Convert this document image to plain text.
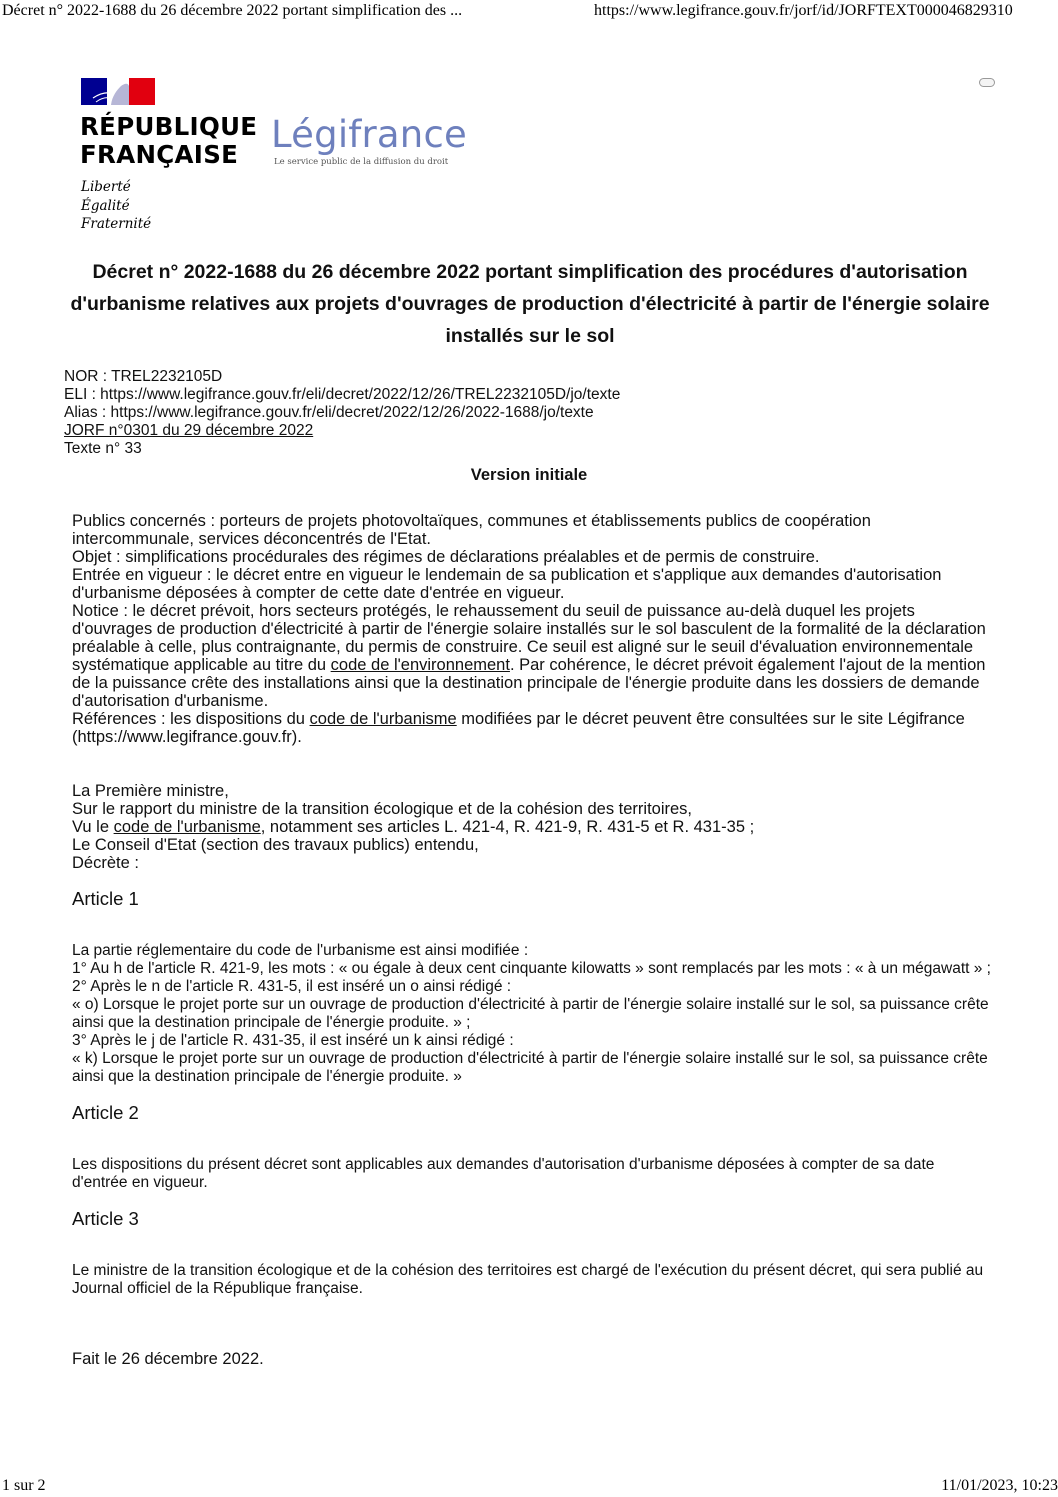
Décret n° 2022-1688 du 26 décembre 2022 portant simplification des ...	https://www.legifrance.gouv.fr/jorf/id/JORFTEXT000046829310
RÉPUBLIQUE
FRANÇAISE
Liberté
Égalité
Fraternité
Légifrance
Le service public de la diffusion du droit
Décret n° 2022-1688 du 26 décembre 2022 portant simplification des procédures d'autorisation d'urbanisme relatives aux projets d'ouvrages de production d'électricité à partir de l'énergie solaire installés sur le sol
NOR : TREL2232105D
ELI : https://www.legifrance.gouv.fr/eli/decret/2022/12/26/TREL2232105D/jo/texte
Alias : https://www.legifrance.gouv.fr/eli/decret/2022/12/26/2022-1688/jo/texte
JORF n°0301 du 29 décembre 2022
Texte n° 33
Version initiale

Publics concernés : porteurs de projets photovoltaïques, communes et établissements publics de coopération intercommunale, services déconcentrés de l'Etat.

Objet : simplifications procédurales des régimes de déclarations préalables et de permis de construire.

Entrée en vigueur : le décret entre en vigueur le lendemain de sa publication et s'applique aux demandes d'autorisation d'urbanisme déposées à compter de cette date d'entrée en vigueur.

Notice : le décret prévoit, hors secteurs protégés, le rehaussement du seuil de puissance au-delà duquel les projets d'ouvrages de production d'électricité à partir de l'énergie solaire installés sur le sol basculent de la formalité de la déclaration préalable à celle, plus contraignante, du permis de construire. Ce seuil est aligné sur le seuil d'évaluation environnementale systématique applicable au titre du code de l'environnement. Par cohérence, le décret prévoit également l'ajout de la mention de la puissance crête des installations ainsi que la destination principale de l'énergie produite dans les dossiers de demande d'autorisation d'urbanisme.

Références : les dispositions du code de l'urbanisme modifiées par le décret peuvent être consultées sur le site Légifrance (https://www.legifrance.gouv.fr).

La Première ministre,

Sur le rapport du ministre de la transition écologique et de la cohésion des territoires,

Vu le code de l'urbanisme, notamment ses articles L. 421-4, R. 421-9, R. 431-5 et R. 431-35 ;

Le Conseil d'Etat (section des travaux publics) entendu,

Décrète :

Article 1

La partie réglementaire du code de l'urbanisme est ainsi modifiée :

1° Au h de l'article R. 421-9, les mots : « ou égale à deux cent cinquante kilowatts » sont remplacés par les mots : « à un mégawatt » ;

2° Après le n de l'article R. 431-5, il est inséré un o ainsi rédigé :

« o) Lorsque le projet porte sur un ouvrage de production d'électricité à partir de l'énergie solaire installé sur le sol, sa puissance crête ainsi que la destination principale de l'énergie produite. » ;

3° Après le j de l'article R. 431-35, il est inséré un k ainsi rédigé :

« k) Lorsque le projet porte sur un ouvrage de production d'électricité à partir de l'énergie solaire installé sur le sol, sa puissance crête ainsi que la destination principale de l'énergie produite. »

Article 2

Les dispositions du présent décret sont applicables aux demandes d'autorisation d'urbanisme déposées à compter de sa date d'entrée en vigueur.

Article 3

Le ministre de la transition écologique et de la cohésion des territoires est chargé de l'exécution du présent décret, qui sera publié au Journal officiel de la République française.

Fait le 26 décembre 2022.

1 sur 2	11/01/2023, 10:23
